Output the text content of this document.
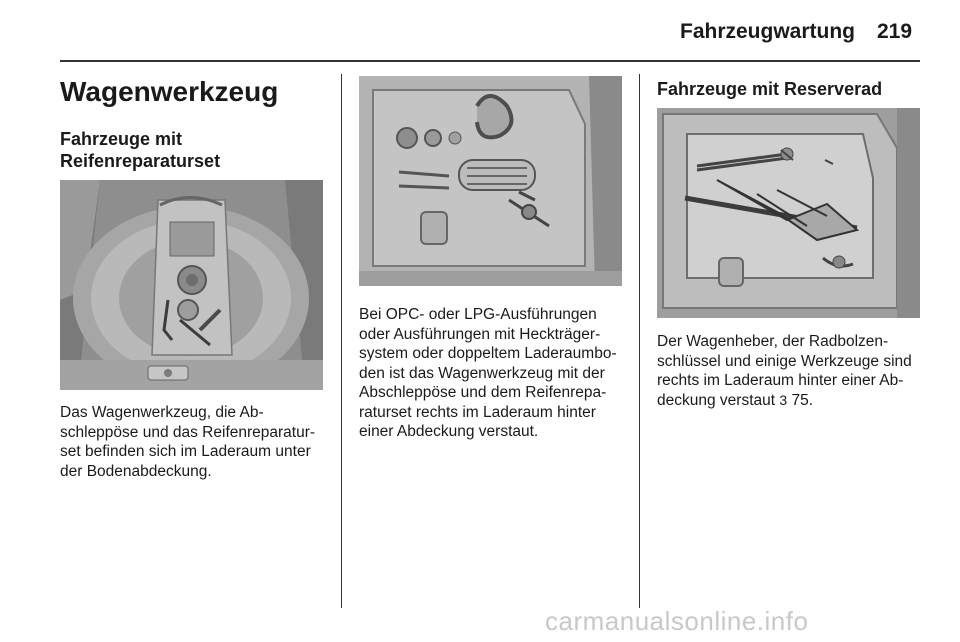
Fahrzeugwartung 219
Wagenwerkzeug
Fahrzeuge mit
Reifenreparaturset
Das Wagenwerkzeug, die Ab-
schleppöse und das Reifenreparatur-
set befinden sich im Laderaum unter
der Bodenabdeckung.
Bei OPC- oder LPG-Ausführungen
oder Ausführungen mit Heckträger-
system oder doppeltem Laderaumbo-
den ist das Wagenwerkzeug mit der
Abschleppöse und dem Reifenrepa-
raturset rechts im Laderaum hinter
einer Abdeckung verstaut.
Fahrzeuge mit Reserverad
Der Wagenheber, der Radbolzen-
schlüssel und einige Werkzeuge sind
rechts im Laderaum hinter einer Ab-
deckung verstaut 3 75.
carmanualsonline.info
